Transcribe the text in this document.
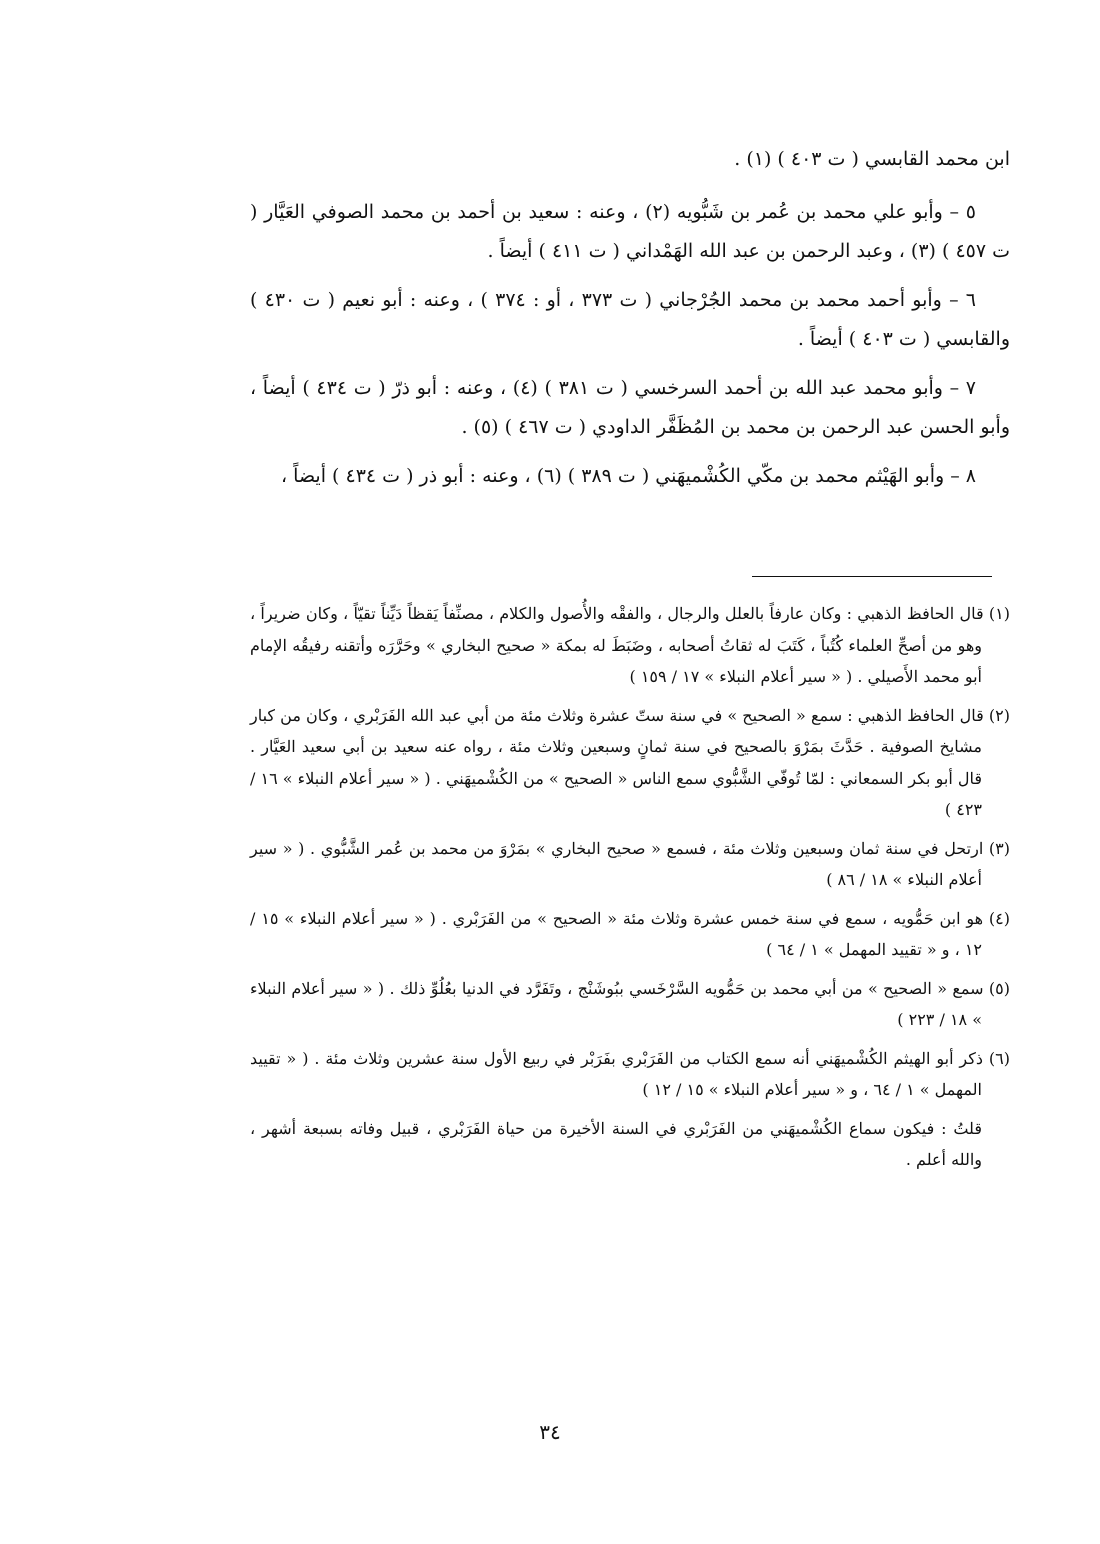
ابن محمد القابسي ( ت ٤٠٣ ) (١) .

٥ – وأبو علي محمد بن عُمر بن شَبُّويه (٢) ، وعنه : سعيد بن أحمد بن محمد الصوفي العَيَّار ( ت ٤٥٧ ) (٣) ، وعبد الرحمن بن عبد الله الهَمْداني ( ت ٤١١ ) أيضاً .

٦ – وأبو أحمد محمد بن محمد الجُرْجاني ( ت ٣٧٣ ، أو : ٣٧٤ ) ، وعنه : أبو نعيم ( ت ٤٣٠ ) والقابسي ( ت ٤٠٣ ) أيضاً .

٧ – وأبو محمد عبد الله بن أحمد السرخسي ( ت ٣٨١ ) (٤) ، وعنه : أبو ذرّ ( ت ٤٣٤ ) أيضاً ، وأبو الحسن عبد الرحمن بن محمد بن المُظَفَّر الداودي ( ت ٤٦٧ ) (٥) .

٨ – وأبو الهَيْثم محمد بن مكّي الكُشْميهَني ( ت ٣٨٩ ) (٦) ، وعنه : أبو ذر ( ت ٤٣٤ ) أيضاً ،

(١) قال الحافظ الذهبي : وكان عارفاً بالعلل والرجال ، والفقْه والأُصول والكلام ، مصنِّفاً يَقظاً دَيِّناً تقيّاً ، وكان ضريراً ، وهو من أصحِّ العلماء كُتُباً ، كَتَبَ له ثقاتُ أصحابه ، وضَبَطَ له بمكة « صحيح البخاري » وحَرَّرَه وأتقنه رفيقُه الإمام أبو محمد الأَصيلي . ( « سير أعلام النبلاء » ١٧ / ١٥٩ )

(٢) قال الحافظ الذهبي : سمع « الصحيح » في سنة ستّ عشرة وثلاث مئة من أبي عبد الله الفَرَبْري ، وكان من كبار مشايخ الصوفية . حَدَّثَ بمَرْوَ بالصحيح في سنة ثمانٍ وسبعين وثلاث مئة ، رواه عنه سعيد بن أبي سعيد العَيَّار . قال أبو بكر السمعاني : لمّا تُوفّي الشَّبُّوي سمع الناس « الصحيح » من الكُشْميهَني . ( « سير أعلام النبلاء » ١٦ / ٤٢٣ )

(٣) ارتحل في سنة ثمان وسبعين وثلاث مئة ، فسمع « صحيح البخاري » بمَرْوَ من محمد بن عُمر الشَّبُّوي . ( « سير أعلام النبلاء » ١٨ / ٨٦ )

(٤) هو ابن حَمُّويه ، سمع في سنة خمس عشرة وثلاث مئة « الصحيح » من الفَرَبْري . ( « سير أعلام النبلاء » ١٥ / ١٢ ، و « تقييد المهمل » ١ / ٦٤ )

(٥) سمع « الصحيح » من أبي محمد بن حَمُّويه السَّرْخَسي ببُوشَنْج ، وتَفَرَّد في الدنيا بعُلُوِّ ذلك . ( « سير أعلام النبلاء » ١٨ / ٢٢٣ )

(٦) ذكر أبو الهيثم الكُشْميهَني أنه سمع الكتاب من الفَرَبْري بفَرَبْر في ربيع الأول سنة عشرين وثلاث مئة . ( « تقييد المهمل » ١ / ٦٤ ، و « سير أعلام النبلاء » ١٥ / ١٢ )

قلتُ : فيكون سماع الكُشْميهَني من الفَرَبْري في السنة الأخيرة من حياة الفَرَبْري ، قبيل وفاته بسبعة أشهر ، والله أعلم .

٣٤
